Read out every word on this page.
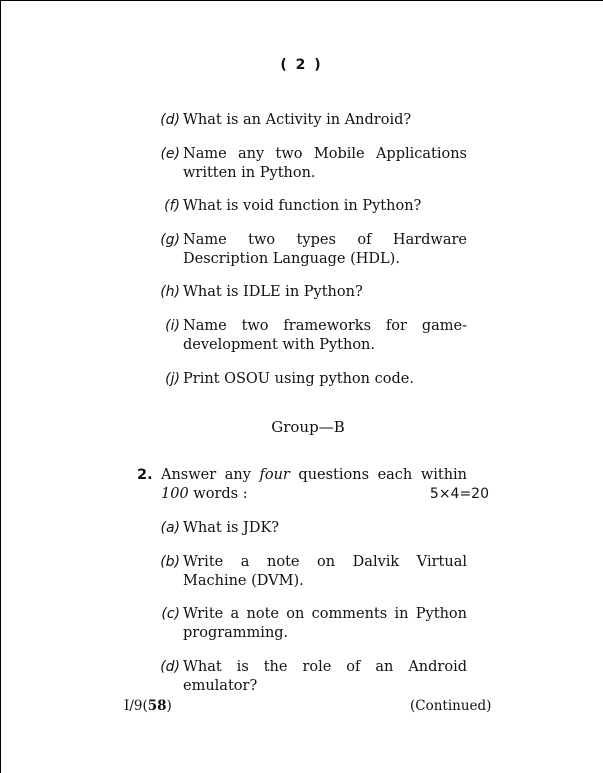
( 2 )
(d) What is an Activity in Android?
(e) Name any two Mobile Applications
written in Python.
(f) What is void function in Python?
(g) Name two types of Hardware
Description Language (HDL).
(h) What is IDLE in Python?
(i) Name two frameworks for game-
development with Python.
(j) Print OSOU using python code.
Group—B
2. Answer any four questions each within
100 words :	5×4=20
(a) What is JDK?
(b) Write a note on Dalvik Virtual
Machine (DVM).
(c) Write a note on comments in Python
programming.
(d) What is the role of an Android
emulator?
I/9(58)	(Continued)
